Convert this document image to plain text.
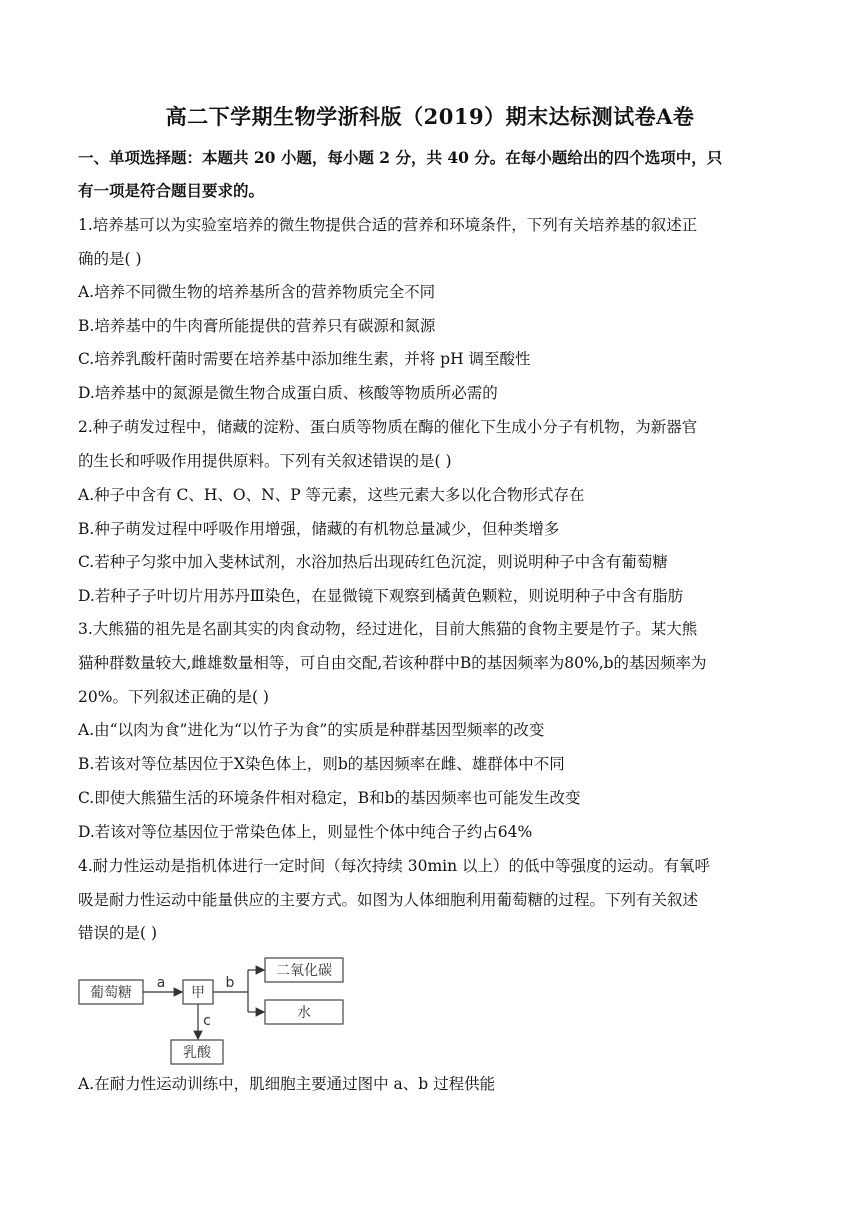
高二下学期生物学浙科版（2019）期末达标测试卷A卷
一、单项选择题：本题共 20 小题，每小题 2 分，共 40 分。在每小题给出的四个选项中，只
有一项是符合题目要求的。
1.培养基可以为实验室培养的微生物提供合适的营养和环境条件，下列有关培养基的叙述正
确的是( )
A.培养不同微生物的培养基所含的营养物质完全不同
B.培养基中的牛肉膏所能提供的营养只有碳源和氮源
C.培养乳酸杆菌时需要在培养基中添加维生素，并将 pH 调至酸性
D.培养基中的氮源是微生物合成蛋白质、核酸等物质所必需的
2.种子萌发过程中，储藏的淀粉、蛋白质等物质在酶的催化下生成小分子有机物，为新器官
的生长和呼吸作用提供原料。下列有关叙述错误的是( )
A.种子中含有 C、H、O、N、P 等元素，这些元素大多以化合物形式存在
B.种子萌发过程中呼吸作用增强，储藏的有机物总量减少，但种类增多
C.若种子匀浆中加入斐林试剂，水浴加热后出现砖红色沉淀，则说明种子中含有葡萄糖
D.若种子子叶切片用苏丹Ⅲ染色，在显微镜下观察到橘黄色颗粒，则说明种子中含有脂肪
3.大熊猫的祖先是名副其实的肉食动物，经过进化，目前大熊猫的食物主要是竹子。某大熊
猫种群数量较大,雌雄数量相等，可自由交配,若该种群中B的基因频率为80%,b的基因频率为
20%。下列叙述正确的是( )
A.由“以肉为食”进化为“以竹子为食”的实质是种群基因型频率的改变
B.若该对等位基因位于X染色体上，则b的基因频率在雌、雄群体中不同
C.即使大熊猫生活的环境条件相对稳定，B和b的基因频率也可能发生改变
D.若该对等位基因位于常染色体上，则显性个体中纯合子约占64%
4.耐力性运动是指机体进行一定时间（每次持续 30min 以上）的低中等强度的运动。有氧呼
吸是耐力性运动中能量供应的主要方式。如图为人体细胞利用葡萄糖的过程。下列有关叙述
错误的是( )
葡萄糖	甲
二氧化碳
水
乳酸
a	b
c
A.在耐力性运动训练中，肌细胞主要通过图中 a、b 过程供能
